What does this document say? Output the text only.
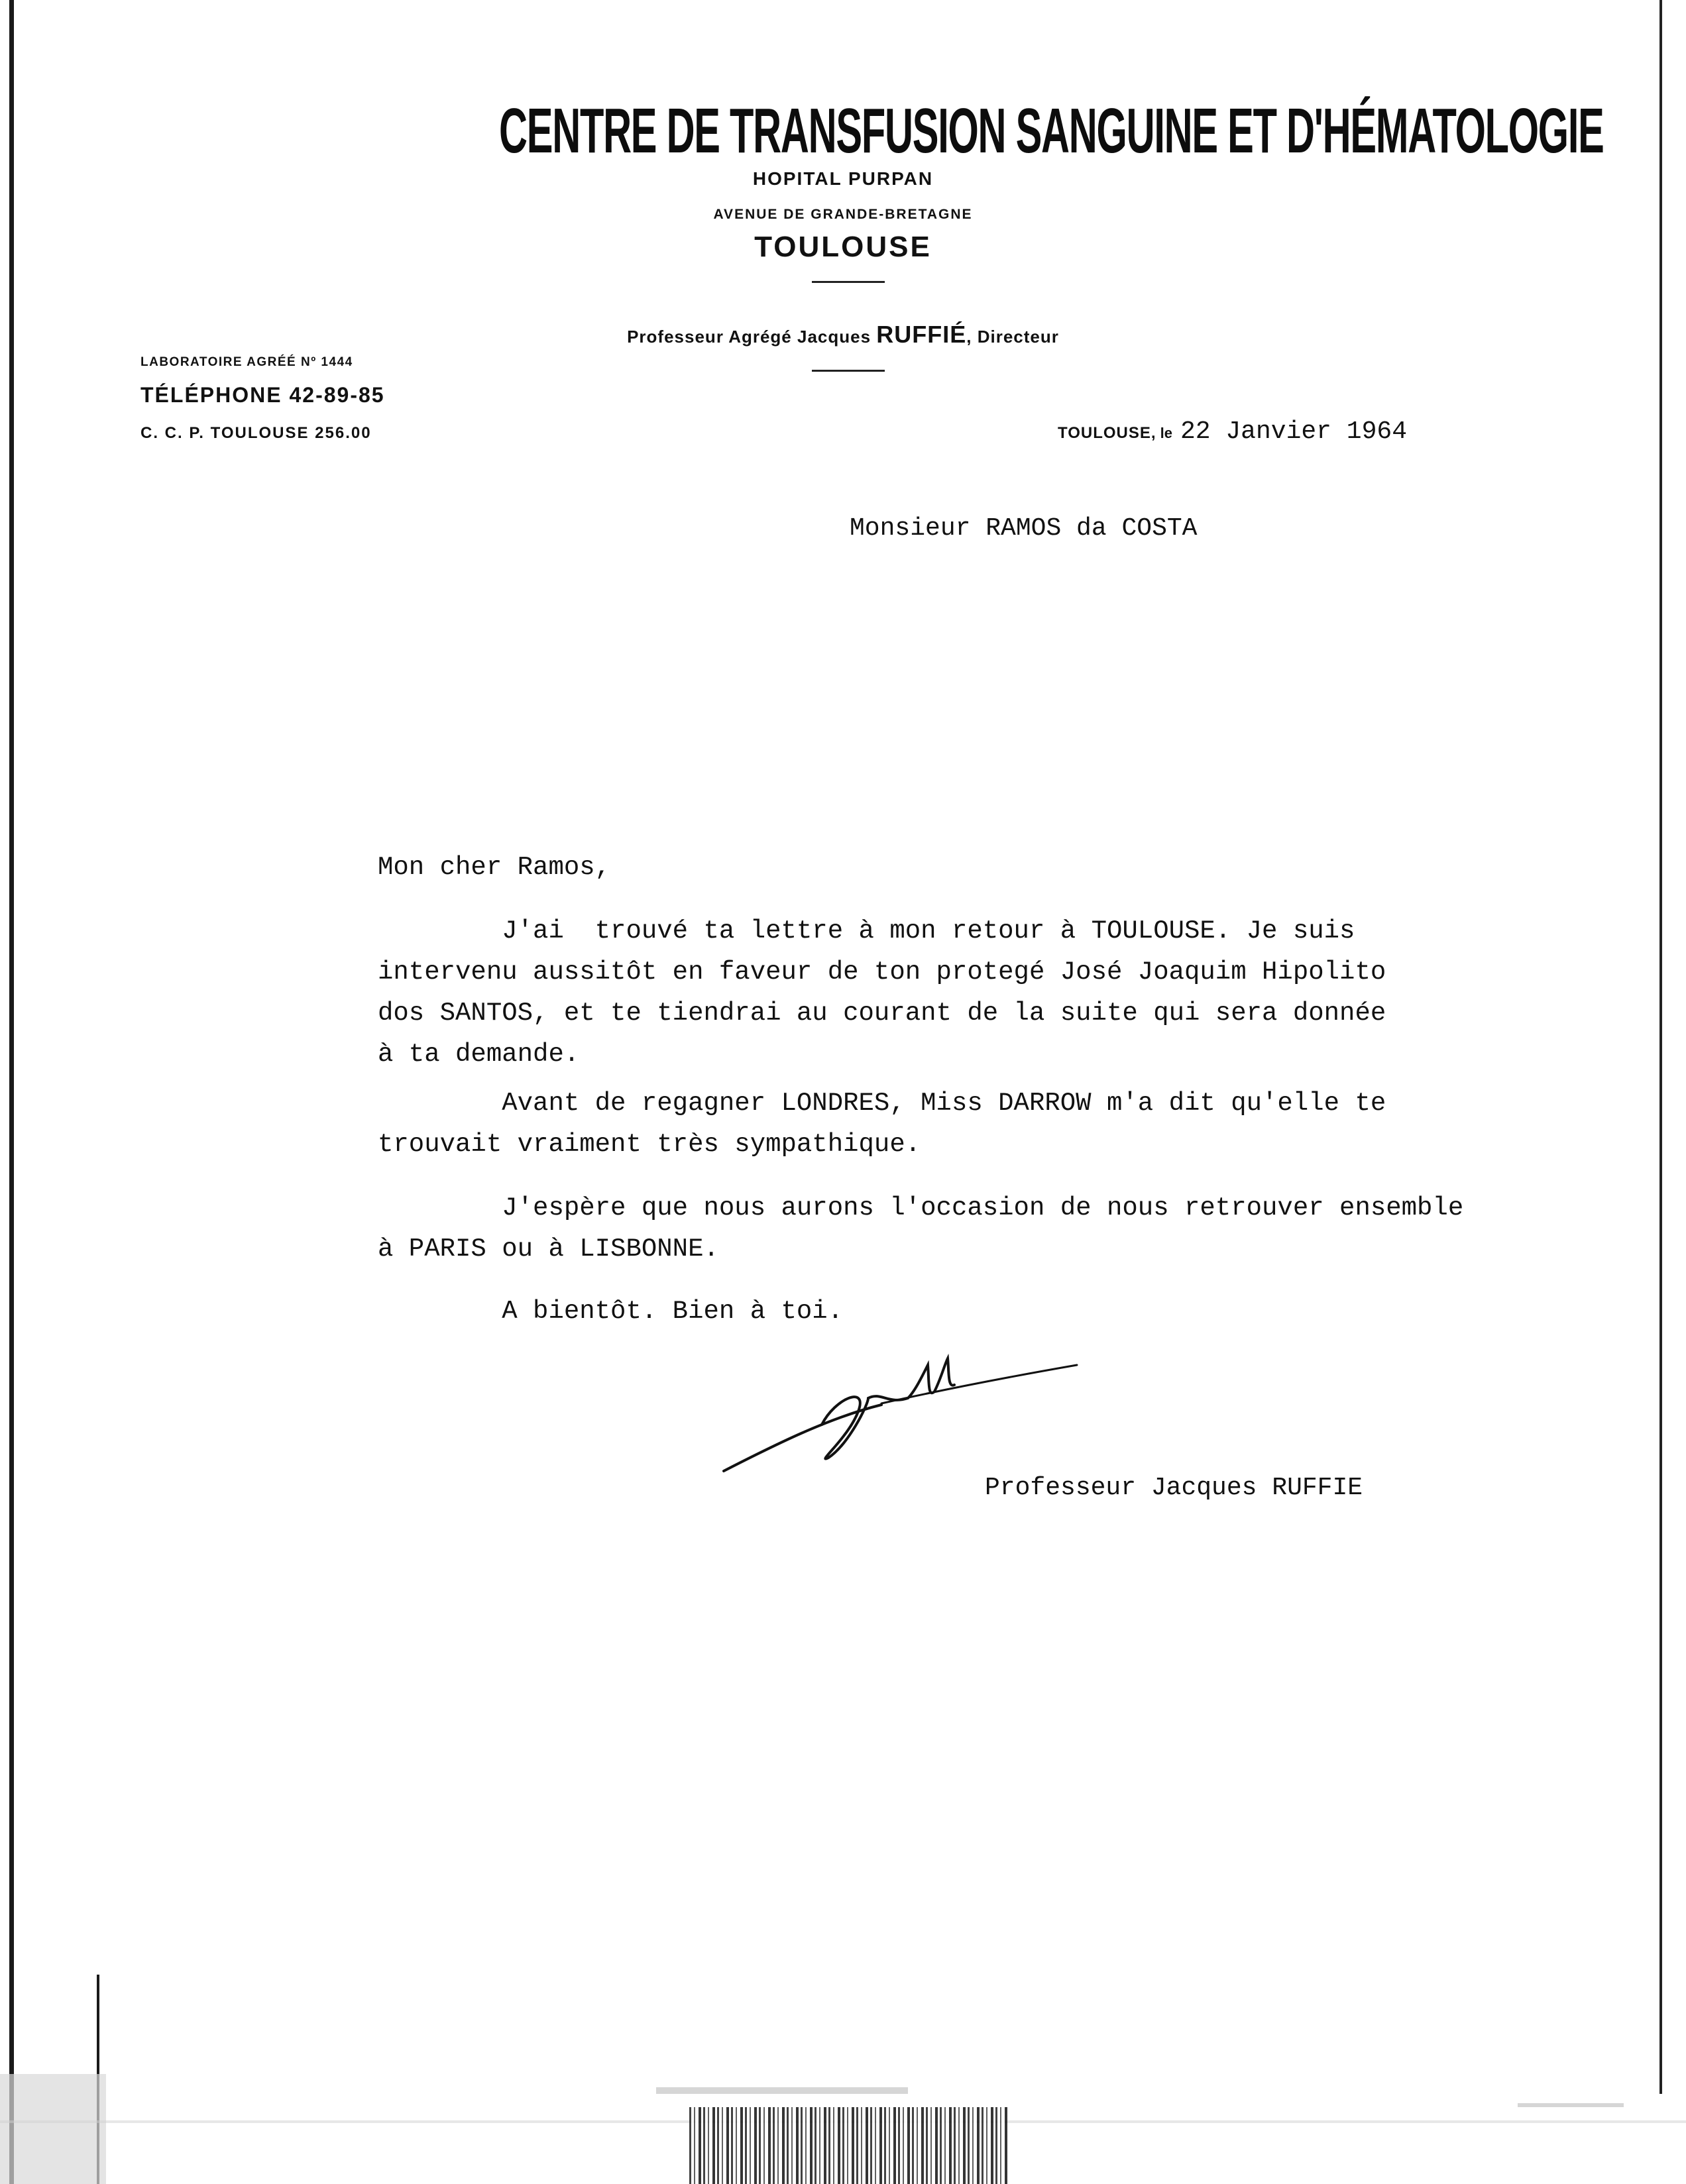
CENTRE DE TRANSFUSION SANGUINE ET D'HÉMATOLOGIE
HOPITAL PURPAN
AVENUE DE GRANDE-BRETAGNE
TOULOUSE
Professeur Agrégé Jacques RUFFIÉ, Directeur
LABORATOIRE AGRÉÉ Nº 1444
TÉLÉPHONE 42-89-85
C. C. P. TOULOUSE 256.00	TOULOUSE, le 22 Janvier 1964
Monsieur RAMOS da COSTA
Mon cher Ramos,
J'ai  trouvé ta lettre à mon retour à TOULOUSE. Je suis
intervenu aussitôt en faveur de ton protegé José Joaquim Hipolito
dos SANTOS, et te tiendrai au courant de la suite qui sera donnée
à ta demande.
Avant de regagner LONDRES, Miss DARROW m'a dit qu'elle te
trouvait vraiment très sympathique.
J'espère que nous aurons l'occasion de nous retrouver ensemble
à PARIS ou à LISBONNE.
A bientôt. Bien à toi.
Professeur Jacques RUFFIE
